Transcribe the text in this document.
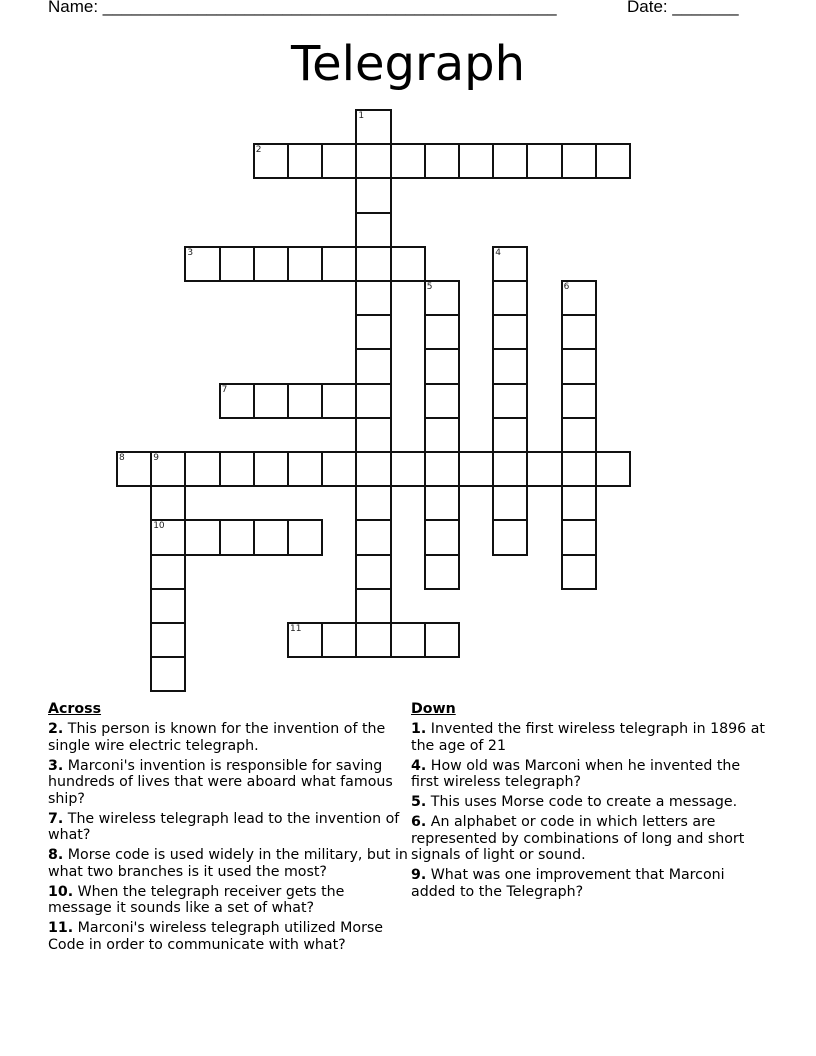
Name: ________________________________________________	Date: _______
Telegraph
1
2
3	4
5	6
7
8	9
10
11
Across
2. This person is known for the invention of the single wire electric telegraph.
3. Marconi's invention is responsible for saving hundreds of lives that were aboard what famous ship?
7. The wireless telegraph lead to the invention of what?
8. Morse code is used widely in the military, but in what two branches is it used the most?
10. When the telegraph receiver gets the message it sounds like a set of what?
11. Marconi's wireless telegraph utilized Morse Code in order to communicate with what?
Down
1. Invented the first wireless telegraph in 1896 at the age of 21
4. How old was Marconi when he invented the first wireless telegraph?
5. This uses Morse code to create a message.
6. An alphabet or code in which letters are represented by combinations of long and short signals of light or sound.
9. What was one improvement that Marconi added to the Telegraph?
